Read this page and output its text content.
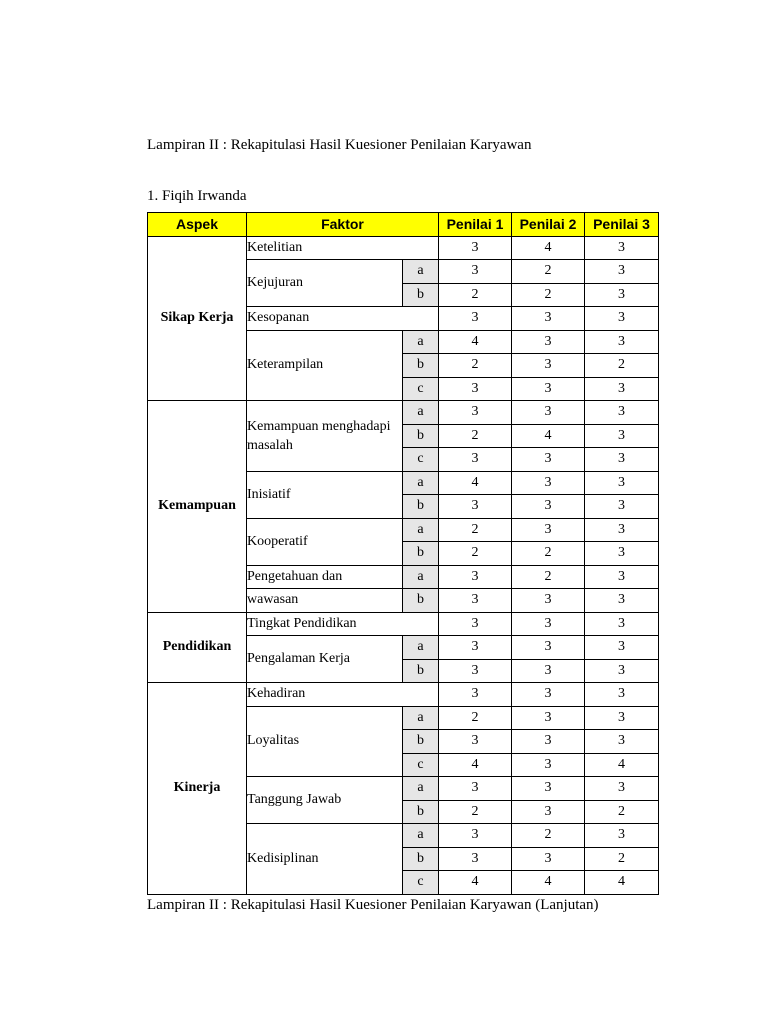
Lampiran II : Rekapitulasi Hasil Kuesioner Penilaian Karyawan
1. Fiqih Irwanda
Aspek	Faktor		Penilai 1	Penilai 2	Penilai 3
Sikap Kerja	Ketelitian		3	4	3
	Kejujuran	a	3	2	3
		b	2	2	3
	Kesopanan		3	3	3
	Keterampilan	a	4	3	3
		b	2	3	2
		c	3	3	3
Kemampuan	Kemampuan menghadapi masalah	a	3	3	3
		b	2	4	3
		c	3	3	3
	Inisiatif	a	4	3	3
		b	3	3	3
	Kooperatif	a	2	3	3
		b	2	2	3
	Pengetahuan dan	a	3	2	3
	wawasan	b	3	3	3
Pendidikan	Tingkat Pendidikan		3	3	3
	Pengalaman Kerja	a	3	3	3
		b	3	3	3
Kinerja	Kehadiran		3	3	3
	Loyalitas	a	2	3	3
		b	3	3	3
		c	4	3	4
	Tanggung Jawab	a	3	3	3
		b	2	3	2
	Kedisiplinan	a	3	2	3
		b	3	3	2
		c	4	4	4
Lampiran II : Rekapitulasi Hasil Kuesioner Penilaian Karyawan (Lanjutan)
